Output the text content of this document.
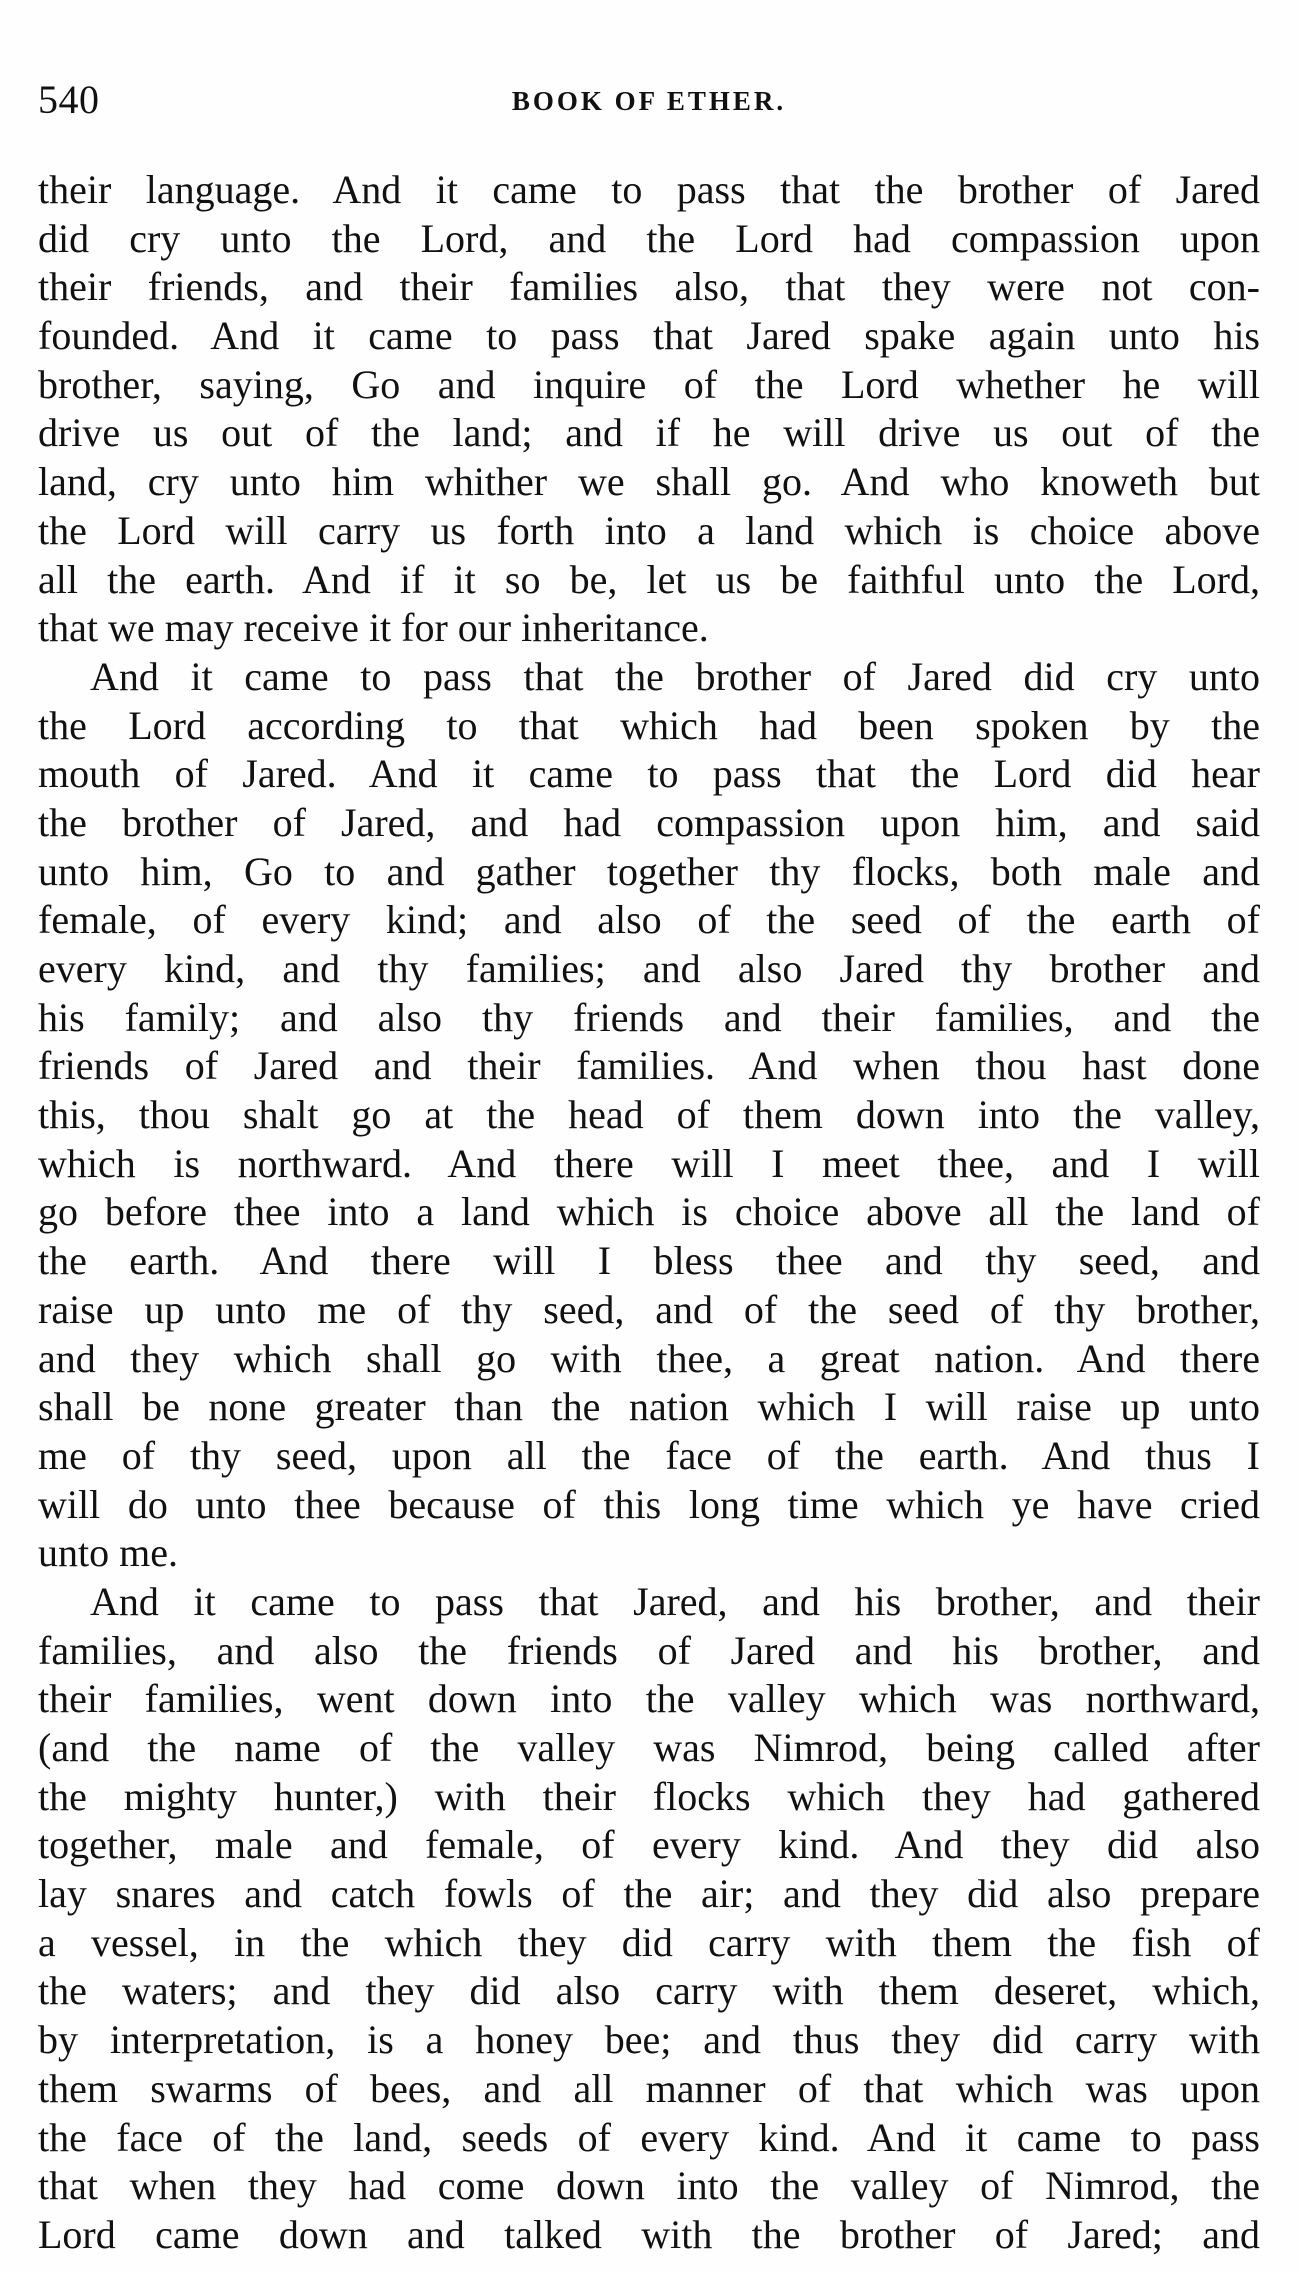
540	BOOK OF ETHER.
their language. And it came to pass that the brother of Jared
did cry unto the Lord, and the Lord had compassion upon
their friends, and their families also, that they were not con-
founded. And it came to pass that Jared spake again unto his
brother, saying, Go and inquire of the Lord whether he will
drive us out of the land; and if he will drive us out of the
land, cry unto him whither we shall go. And who knoweth but
the Lord will carry us forth into a land which is choice above
all the earth. And if it so be, let us be faithful unto the Lord,
that we may receive it for our inheritance.
And it came to pass that the brother of Jared did cry unto
the Lord according to that which had been spoken by the
mouth of Jared. And it came to pass that the Lord did hear
the brother of Jared, and had compassion upon him, and said
unto him, Go to and gather together thy flocks, both male and
female, of every kind; and also of the seed of the earth of
every kind, and thy families; and also Jared thy brother and
his family; and also thy friends and their families, and the
friends of Jared and their families. And when thou hast done
this, thou shalt go at the head of them down into the valley,
which is northward. And there will I meet thee, and I will
go before thee into a land which is choice above all the land of
the earth. And there will I bless thee and thy seed, and
raise up unto me of thy seed, and of the seed of thy brother,
and they which shall go with thee, a great nation. And there
shall be none greater than the nation which I will raise up unto
me of thy seed, upon all the face of the earth. And thus I
will do unto thee because of this long time which ye have cried
unto me.
And it came to pass that Jared, and his brother, and their
families, and also the friends of Jared and his brother, and
their families, went down into the valley which was northward,
(and the name of the valley was Nimrod, being called after
the mighty hunter,) with their flocks which they had gathered
together, male and female, of every kind. And they did also
lay snares and catch fowls of the air; and they did also prepare
a vessel, in the which they did carry with them the fish of
the waters; and they did also carry with them deseret, which,
by interpretation, is a honey bee; and thus they did carry with
them swarms of bees, and all manner of that which was upon
the face of the land, seeds of every kind. And it came to pass
that when they had come down into the valley of Nimrod, the
Lord came down and talked with the brother of Jared; and
